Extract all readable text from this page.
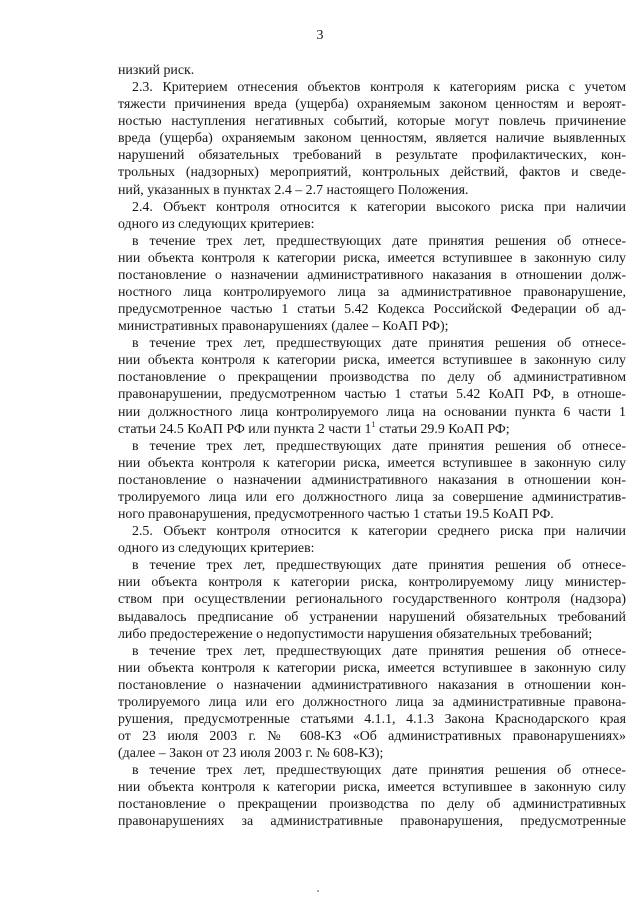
3
низкий риск.
2.3. Критерием отнесения объектов контроля к категориям риска с учетом
тяжести причинения вреда (ущерба) охраняемым законом ценностям и вероят-
ностью наступления негативных событий, которые могут повлечь причинение
вреда (ущерба) охраняемым законом ценностям, является наличие выявленных
нарушений обязательных требований в результате профилактических, кон-
трольных (надзорных) мероприятий, контрольных действий, фактов и сведе-
ний, указанных в пунктах 2.4 – 2.7 настоящего Положения.
2.4. Объект контроля относится к категории высокого риска при наличии
одного из следующих критериев:
в течение трех лет, предшествующих дате принятия решения об отнесе-
нии объекта контроля к категории риска, имеется вступившее в законную силу
постановление о назначении административного наказания в отношении долж-
ностного лица контролируемого лица за административное правонарушение,
предусмотренное частью 1 статьи 5.42 Кодекса Российской Федерации об ад-
министративных правонарушениях (далее – КоАП РФ);
в течение трех лет, предшествующих дате принятия решения об отнесе-
нии объекта контроля к категории риска, имеется вступившее в законную силу
постановление о прекращении производства по делу об административном
правонарушении, предусмотренном частью 1 статьи 5.42 КоАП РФ, в отноше-
нии должностного лица контролируемого лица на основании пункта 6 части 1
статьи 24.5 КоАП РФ или пункта 2 части $1^1$ статьи 29.9 КоАП РФ;
в течение трех лет, предшествующих дате принятия решения об отнесе-
нии объекта контроля к категории риска, имеется вступившее в законную силу
постановление о назначении административного наказания в отношении кон-
тролируемого лица или его должностного лица за совершение административ-
ного правонарушения, предусмотренного частью 1 статьи 19.5 КоАП РФ.
2.5. Объект контроля относится к категории среднего риска при наличии
одного из следующих критериев:
в течение трех лет, предшествующих дате принятия решения об отнесе-
нии объекта контроля к категории риска, контролируемому лицу министер-
ством при осуществлении регионального государственного контроля (надзора)
выдавалось предписание об устранении нарушений обязательных требований
либо предостережение о недопустимости нарушения обязательных требований;
в течение трех лет, предшествующих дате принятия решения об отнесе-
нии объекта контроля к категории риска, имеется вступившее в законную силу
постановление о назначении административного наказания в отношении кон-
тролируемого лица или его должностного лица за административные правона-
рушения, предусмотренные статьями 4.1.1, 4.1.3 Закона Краснодарского края
от 23 июля 2003 г. № 608-КЗ «Об административных правонарушениях»
(далее – Закон от 23 июля 2003 г. № 608-КЗ);
в течение трех лет, предшествующих дате принятия решения об отнесе-
нии объекта контроля к категории риска, имеется вступившее в законную силу
постановление о прекращении производства по делу об административных
правонарушениях за административные правонарушения, предусмотренные
